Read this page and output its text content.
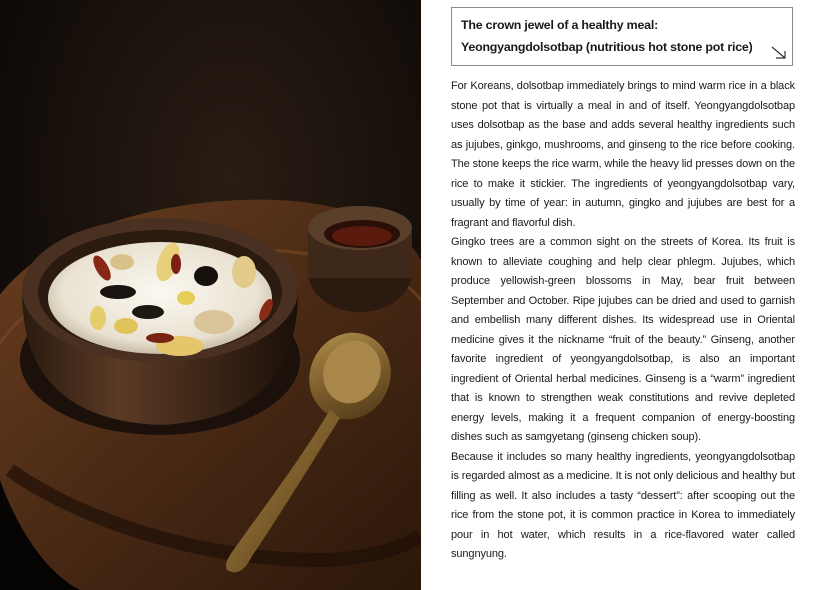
The crown jewel of a healthy meal:
Yeongyangdolsotbap (nutritious hot stone pot rice)

For Koreans, dolsotbap immediately brings to mind warm rice in a black stone pot that is virtually a meal in and of itself. Yeongyangdolsotbap uses dolsotbap as the base and adds several healthy ingredients such as jujubes, ginkgo, mushrooms, and ginseng to the rice before cooking. The stone keeps the rice warm, while the heavy lid presses down on the rice to make it stickier. The ingredients of yeongyangdolsotbap vary, usually by time of year: in autumn, gingko and jujubes are best for a fragrant and flavorful dish.

Gingko trees are a common sight on the streets of Korea. Its fruit is known to alleviate coughing and help clear phlegm. Jujubes, which produce yellowish-green blossoms in May, bear fruit between September and October. Ripe jujubes can be dried and used to garnish and embellish many different dishes. Its widespread use in Oriental medicine gives it the nickname “fruit of the beauty.” Ginseng, another favorite ingredient of yeongyangdolsotbap, is also an important ingredient of Oriental herbal medicines. Ginseng is a “warm” ingredient that is known to strengthen weak constitutions and revive depleted energy levels, making it a frequent companion of energy-boosting dishes such as samgyetang (ginseng chicken soup).

Because it includes so many healthy ingredients, yeongyangdolsotbap is regarded almost as a medicine. It is not only delicious and healthy but filling as well. It also includes a tasty “dessert”: after scooping out the rice from the stone pot, it is common practice in Korea to immediately pour in hot water, which results in a rice-flavored water called sungnyung.
